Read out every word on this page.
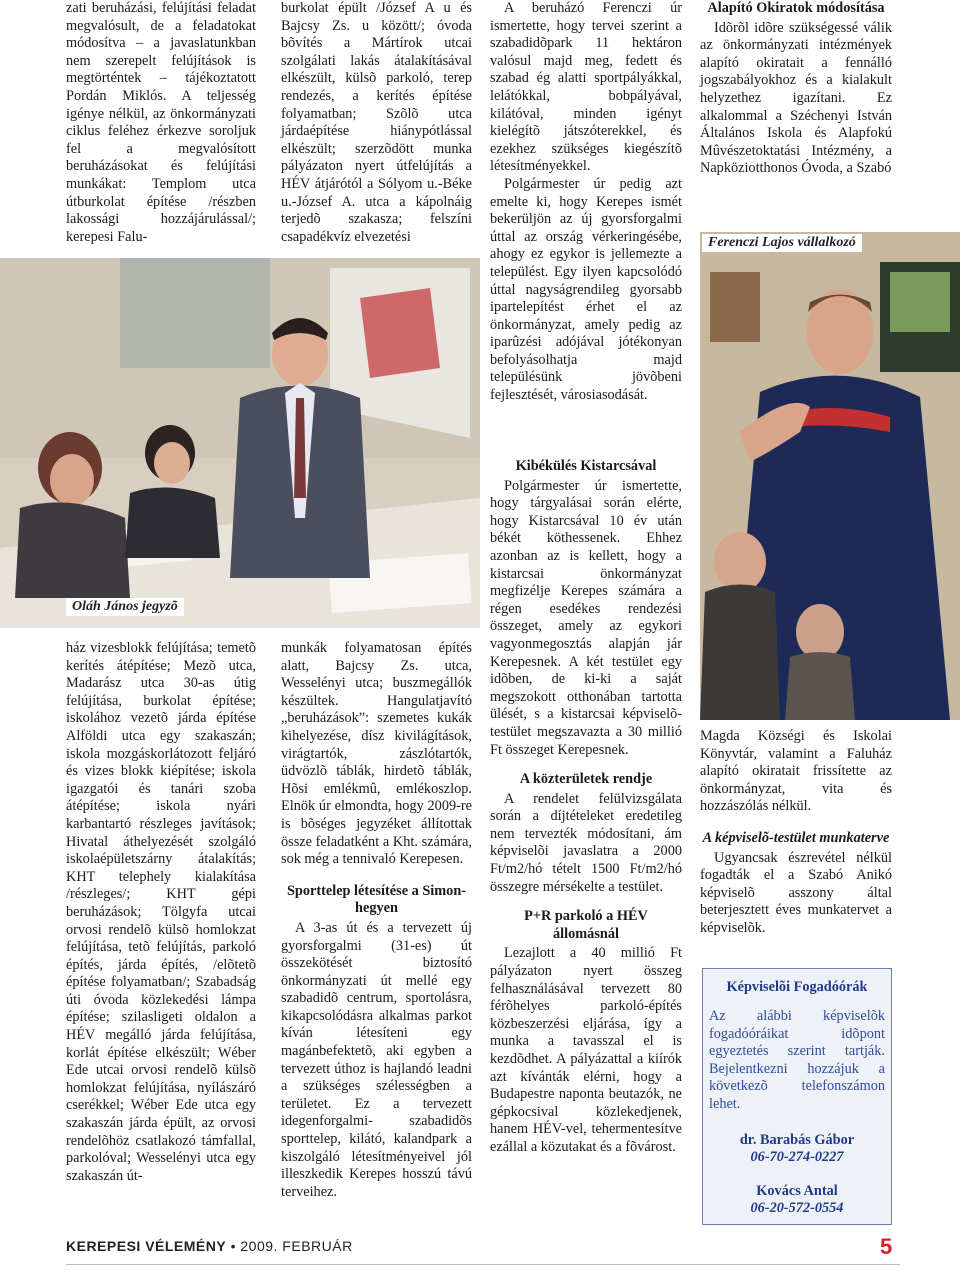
zati beruházási, felújítási feladat megvalósult, de a feladatokat módosítva – a javaslatunkban nem szerepelt felújítások is megtörténtek – tájékoztatott Pordán Miklós. A teljesség igénye nélkül, az önkormányzati ciklus feléhez érkezve soroljuk fel a megvalósított beruházásokat és felújítási munkákat: Templom utca útburkolat építése /részben lakossági hozzájárulással/; kerepesi Falu-

burkolat épült /József A u és Bajcsy Zs. u között/; óvoda bõvítés a Mártírok utcai szolgálati lakás átalakításával elkészült, külsõ parkoló, terep rendezés, a kerítés építése folyamatban; Szõlõ utca járdaépítése hiánypótlással elkészült; szerzõdött munka pályázaton nyert útfelújítás a HÉV átjárótól a Sólyom u.-Béke u.-József A. utca a kápolnáig terjedõ szakasza; felszíni csapadékvíz elvezetési

A beruházó Ferenczi úr ismertette, hogy tervei szerint a szabadidõpark 11 hektáron valósul majd meg, fedett és szabad ég alatti sportpályákkal, lelátókkal, bobpályával, kilátóval, minden igényt kielégítõ játszóterekkel, és ezekhez szükséges kiegészítõ létesítményekkel.

Polgármester úr pedig azt emelte ki, hogy Kerepes ismét bekerüljön az új gyorsforgalmi úttal az ország vérkeringésébe, ahogy ez egykor is jellemezte a települést. Egy ilyen kapcsolódó úttal nagyságrendileg gyorsabb ipartelepítést érhet el az önkormányzat, amely pedig az iparûzési adójával jótékonyan befolyásolhatja majd településünk jövõbeni fejlesztését, városiasodását.

Alapító Okiratok módosítása

Idõrõl idõre szükségessé válik az önkormányzati intézmények alapító okiratait a fennálló jogszabályokhoz és a kialakult helyzethez igazítani. Ez alkalommal a Széchenyi István Általános Iskola és Alapfokú Mûvészetoktatási Intézmény, a Napköziotthonos Óvoda, a Szabó

Oláh János jegyzõ
Ferenczi Lajos vállalkozó

ház vizesblokk felújítása; temetõ kerítés átépítése; Mezõ utca, Madarász utca 30-as útig felújítása, burkolat építése; iskolához vezetõ járda építése Alföldi utca egy szakaszán; iskola mozgáskorlátozott feljáró és vizes blokk kiépítése; iskola igazgatói és tanári szoba átépítése; iskola nyári karbantartó részleges javítások; Hivatal áthelyezését szolgáló iskolaépületszárny átalakítás; KHT telephely kialakítása /részleges/; KHT gépi beruházások; Tölgyfa utcai orvosi rendelõ külsõ homlokzat felújítása, tetõ felújítás, parkoló építés, járda építés, /elõtetõ építése folyamatban/; Szabadság úti óvoda közlekedési lámpa építése; szilasligeti oldalon a HÉV megálló járda felújítása, korlát építése elkészült; Wéber Ede utcai orvosi rendelõ külsõ homlokzat felújítása, nyílászáró cserékkel; Wéber Ede utca egy szakaszán járda épült, az orvosi rendelõhöz csatlakozó támfallal, parkolóval; Wesselényi utca egy szakaszán út-

munkák folyamatosan építés alatt, Bajcsy Zs. utca, Wesselényi utca; buszmegállók készültek. Hangulatjavító „beruházások”: szemetes kukák kihelyezése, dísz kivilágítások, virágtartók, zászlótartók, üdvözlõ táblák, hirdetõ táblák, Hõsi emlékmû, emlékoszlop. Elnök úr elmondta, hogy 2009-re is bõséges jegyzéket állítottak össze feladatként a Kht. számára, sok még a tennivaló Kerepesen.

Sporttelep létesítése a Simon-hegyen

A 3-as út és a tervezett új gyorsforgalmi (31-es) út összekötését biztosító önkormányzati út mellé egy szabadidõ centrum, sportolásra, kikapcsolódásra alkalmas parkot kíván létesíteni egy magánbefektetõ, aki egyben a tervezett úthoz is hajlandó leadni a szükséges szélességben a területet. Ez a tervezett idegenforgalmi- szabadidõs sporttelep, kilátó, kalandpark a kiszolgáló létesítményeivel jól illeszkedik Kerepes hosszú távú terveihez.

Kibékülés Kistarcsával

Polgármester úr ismertette, hogy tárgyalásai során elérte, hogy Kistarcsával 10 év után békét köthessenek. Ehhez azonban az is kellett, hogy a kistarcsai önkormányzat megfizélje Kerepes számára a régen esedékes rendezési összeget, amely az egykori vagyonmegosztás alapján jár Kerepesnek. A két testület egy idõben, de ki-ki a saját megszokott otthonában tartotta ülését, s a kistarcsai képviselõ-testület megszavazta a 30 millió Ft összeget Kerepesnek.

A közterületek rendje

A rendelet felülvizsgálata során a díjtételeket eredetileg nem tervezték módosítani, ám képviselõi javaslatra a 2000 Ft/m2/hó tételt 1500 Ft/m2/hó összegre mérsékelte a testület.

P+R parkoló a HÉV állomásnál

Lezajlott a 40 millió Ft pályázaton nyert összeg felhasználásával tervezett 80 férõhelyes parkoló-építés közbeszerzési eljárása, így a munka a tavasszal el is kezdõdhet. A pályázattal a kiírók azt kívánták elérni, hogy a Budapestre naponta beutazók, ne gépkocsival közlekedjenek, hanem HÉV-vel, tehermentesítve ezállal a közutakat és a fõvárost.

Magda Községi és Iskolai Könyvtár, valamint a Faluház alapító okiratait frissítette az önkormányzat, vita és hozzászólás nélkül.

A képviselõ-testület munkaterve

Ugyancsak észrevétel nélkül fogadták el a Szabó Anikó képviselõ asszony által beterjesztett éves munkatervet a képviselõk.

Képviselõi Fogadóórák
Az alábbi képviselõk fogadóóráikat idõpont egyeztetés szerint tartják. Bejelentkezni hozzájuk a következõ telefonszámon lehet.
dr. Barabás Gábor
06-70-274-0227
Kovács Antal
06-20-572-0554
KEREPESI VÉLEMÉNY • 2009. FEBRUÁR	5
